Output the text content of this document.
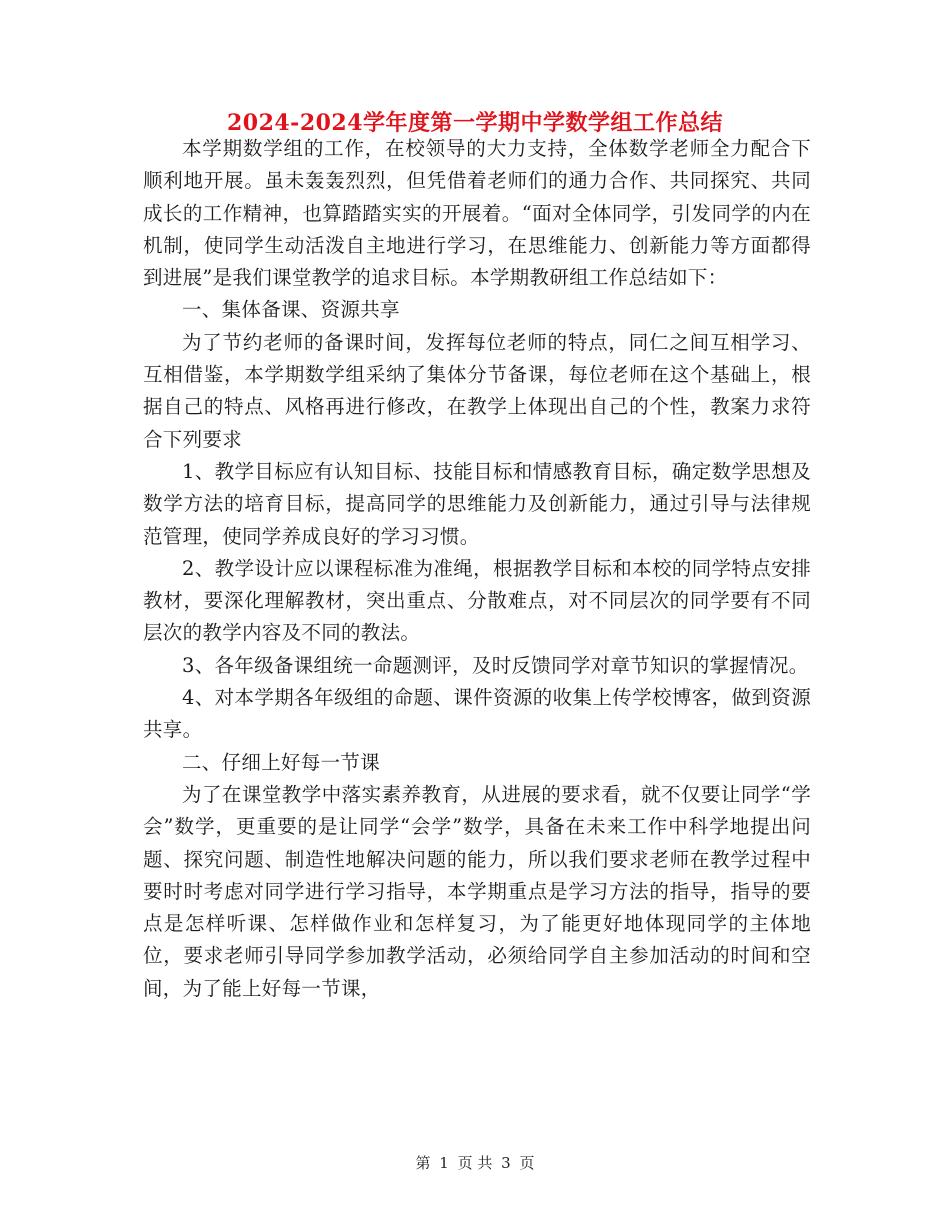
2024-2024学年度第一学期中学数学组工作总结

本学期数学组的工作，在校领导的大力支持，全体数学老师全力配合下顺利地开展。虽未轰轰烈烈，但凭借着老师们的通力合作、共同探究、共同成长的工作精神，也算踏踏实实的开展着。“面对全体同学，引发同学的内在机制，使同学生动活泼自主地进行学习，在思维能力、创新能力等方面都得到进展”是我们课堂教学的追求目标。本学期教研组工作总结如下：

一、集体备课、资源共享

为了节约老师的备课时间，发挥每位老师的特点，同仁之间互相学习、互相借鉴，本学期数学组采纳了集体分节备课，每位老师在这个基础上，根据自己的特点、风格再进行修改，在教学上体现出自己的个性，教案力求符合下列要求

1、教学目标应有认知目标、技能目标和情感教育目标，确定数学思想及数学方法的培育目标，提高同学的思维能力及创新能力，通过引导与法律规范管理，使同学养成良好的学习习惯。

2、教学设计应以课程标准为准绳，根据教学目标和本校的同学特点安排教材，要深化理解教材，突出重点、分散难点，对不同层次的同学要有不同层次的教学内容及不同的教法。

3、各年级备课组统一命题测评，及时反馈同学对章节知识的掌握情况。

4、对本学期各年级组的命题、课件资源的收集上传学校博客，做到资源共享。

二、仔细上好每一节课

为了在课堂教学中落实素养教育，从进展的要求看，就不仅要让同学“学会”数学，更重要的是让同学“会学”数学，具备在未来工作中科学地提出问题、探究问题、制造性地解决问题的能力，所以我们要求老师在教学过程中要时时考虑对同学进行学习指导，本学期重点是学习方法的指导，指导的要点是怎样听课、怎样做作业和怎样复习，为了能更好地体现同学的主体地位，要求老师引导同学参加教学活动，必须给同学自主参加活动的时间和空间，为了能上好每一节课，

第 1 页 共 3 页
